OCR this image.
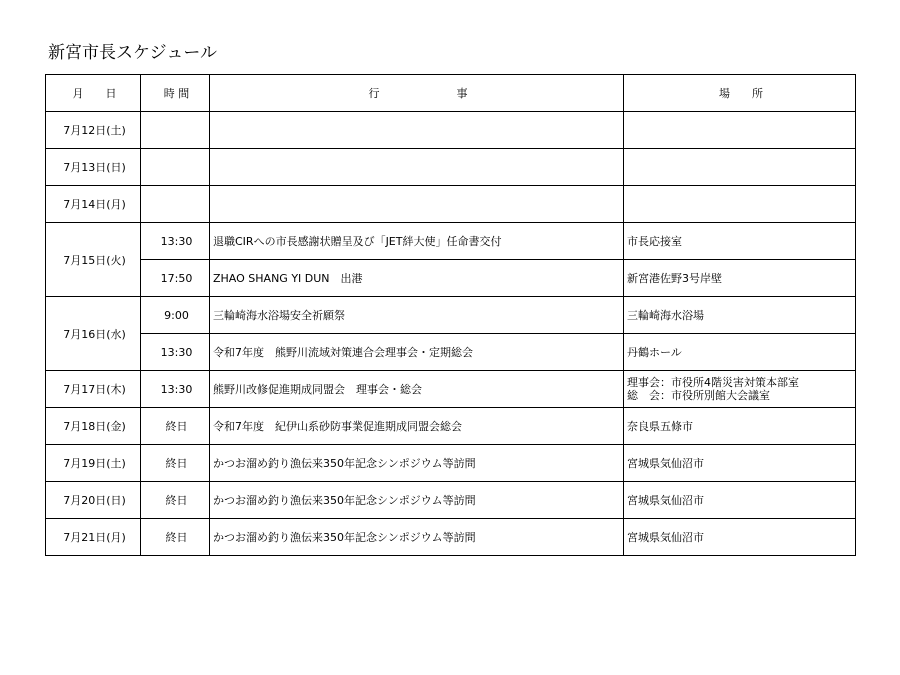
新宮市長スケジュール
月　　日	時 間	行　　　　　　　事	場　　所
7月12日(土)			

7月13日(日)			

7月14日(月)			

7月15日(火)	13:30	退職CIRへの市長感謝状贈呈及び「JET絆大使」任命書交付	市長応接室

	17:50	ZHAO SHANG YI DUN　出港	新宮港佐野3号岸壁

7月16日(水)	9:00	三輪崎海水浴場安全祈願祭	三輪崎海水浴場

	13:30	令和7年度　熊野川流域対策連合会理事会・定期総会	丹鶴ホール

7月17日(木)	13:30	熊野川改修促進期成同盟会　理事会・総会	理事会：市役所4階災害対策本部室
総　会：市役所別館大会議室

7月18日(金)	終日	令和7年度　紀伊山系砂防事業促進期成同盟会総会	奈良県五條市

7月19日(土)	終日	かつお溜め釣り漁伝来350年記念シンポジウム等訪問	宮城県気仙沼市

7月20日(日)	終日	かつお溜め釣り漁伝来350年記念シンポジウム等訪問	宮城県気仙沼市

7月21日(月)	終日	かつお溜め釣り漁伝来350年記念シンポジウム等訪問	宮城県気仙沼市
